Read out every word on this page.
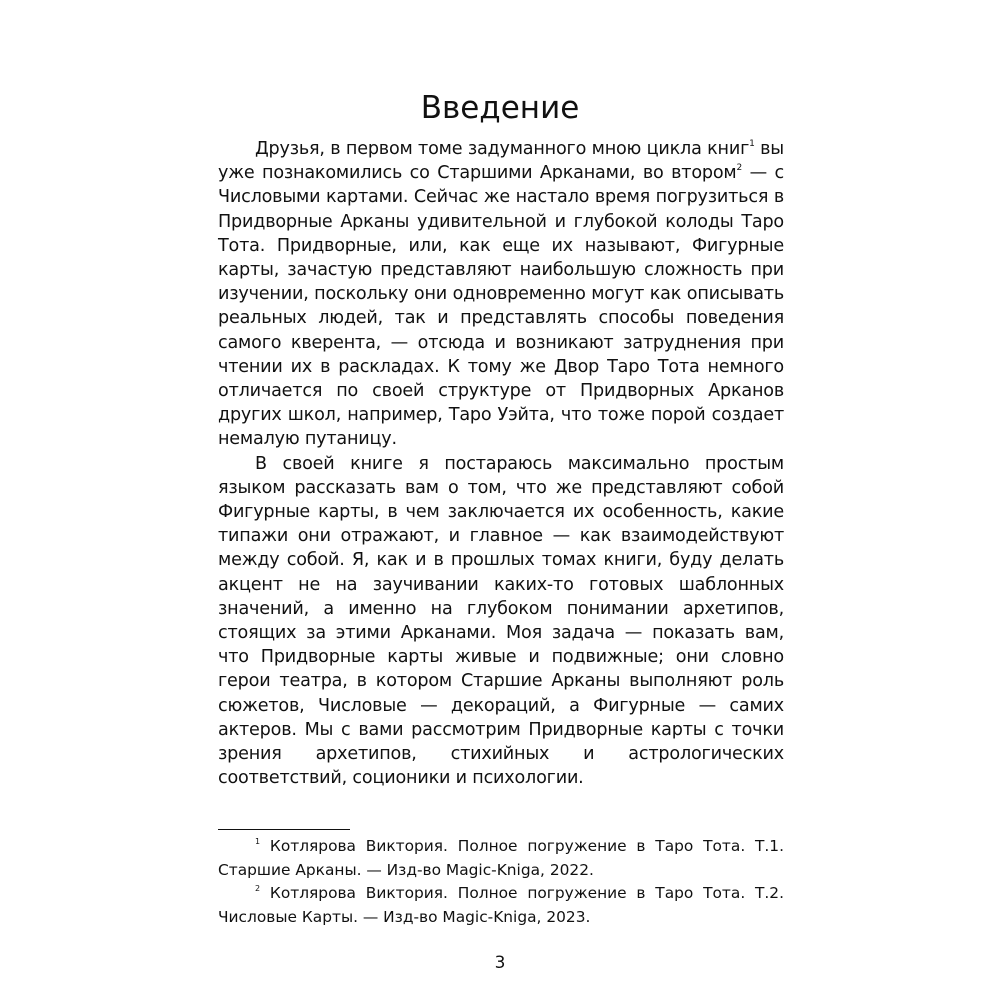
Введение

Друзья, в первом томе задуманного мною цикла книг$^1$ вы уже познакомились со Старшими Арканами, во втором$^2$ — с Числовыми картами. Сейчас же настало время погрузиться в Придворные Арканы удивительной и глубокой колоды Таро Тота. Придворные, или, как еще их называют, Фигурные карты, зачастую представляют наибольшую сложность при изучении, поскольку они одновременно могут как описывать реальных людей, так и представлять способы поведения самого кверента, — отсюда и возникают затруднения при чтении их в раскладах. К тому же Двор Таро Тота немного отличается по своей структуре от Придворных Арканов других школ, например, Таро Уэйта, что тоже порой создает немалую путаницу.

В своей книге я постараюсь максимально простым языком рассказать вам о том, что же представляют собой Фигурные карты, в чем заключается их особенность, какие типажи они отражают, и главное — как взаимодействуют между собой. Я, как и в прошлых томах книги, буду делать акцент не на заучивании каких-то готовых шаблонных значений, а именно на глубоком понимании архетипов, стоящих за этими Арканами. Моя задача — показать вам, что Придворные карты живые и подвижные; они словно герои театра, в котором Старшие Арканы выполняют роль сюжетов, Числовые — декораций, а Фигурные — самих актеров. Мы с вами рассмотрим Придворные карты с точки зрения архетипов, стихийных и астрологических соответствий, соционики и психологии.

$^1$ Котлярова Виктория. Полное погружение в Таро Тота. Т.1. Старшие Арканы. — Изд-во Magic-Kniga, 2022.

$^2$ Котлярова Виктория. Полное погружение в Таро Тота. Т.2. Числовые Карты. — Изд-во Magic-Kniga, 2023.

3
